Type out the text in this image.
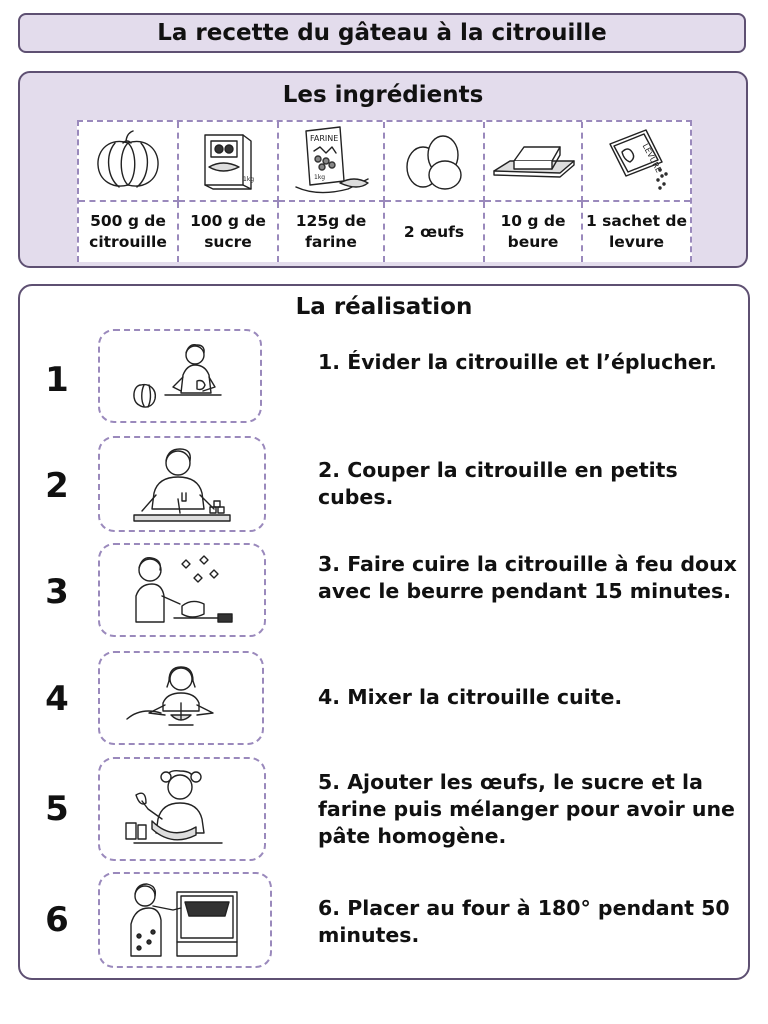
La recette du gâteau à la citrouille
Les ingrédients
1kg
FARINE
1kg
LEVURE
500 g de citrouille
100 g de sucre
125g de farine
2 œufs
10 g de beure
1 sachet de levure
La réalisation
1	1. Évider la citrouille et l’éplucher.
2	2. Couper la citrouille en petits cubes.
3
3. Faire cuire la citrouille à feu doux avec le beurre pendant 15 minutes.
4	4. Mixer la citrouille cuite.
5
5. Ajouter les œufs, le sucre et la farine puis mélanger pour avoir une pâte homogène.
6	6. Placer au four à 180° pendant 50 minutes.
